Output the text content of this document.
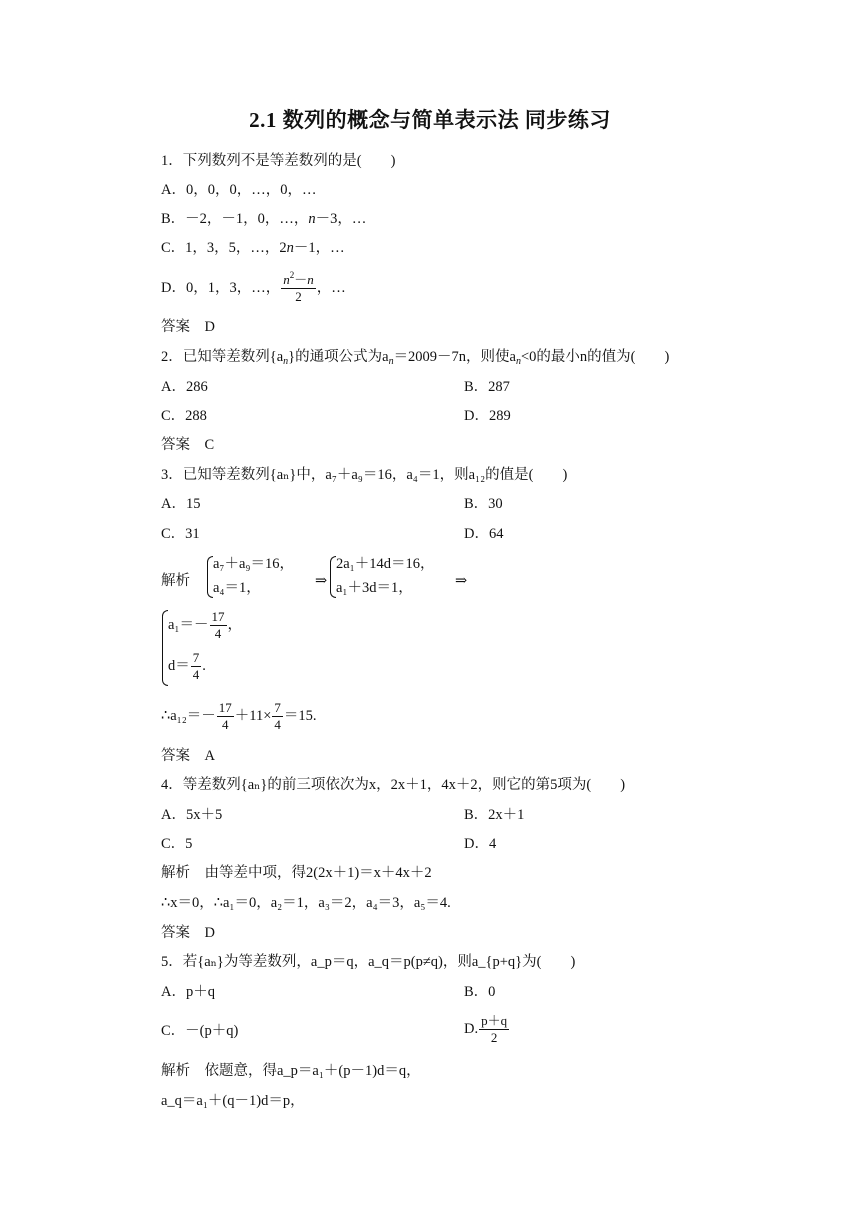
2.1 数列的概念与简单表示法 同步练习
1．下列数列不是等差数列的是(　　)
A．0，0，0，…，0，…
B．－2，－1，0，…，n－3，…
C．1，3，5，…，2n－1，…
D．0，1，3，…， $\frac{n^2-n}{2}$ ，…
答案　D
2．已知等差数列$\{a_n\}$的通项公式为$a_n=2009-7n$，则使$a_n<0$的最小n的值为(　　)
A．286	B．287
C．288	D．289
答案　C
3．已知等差数列{aₙ}中，a₇＋a₉＝16，a₄＝1，则a₁₂的值是(　　)
A．15	B．30
C．31	D．64
解析
a₇＋a₉＝16，
a₄＝1，	⇒
2a₁＋14d＝16，
a₁＋3d＝1，	⇒
$a_1=- \frac{17}{4}$ ，
$d= \frac{7}{4}$ .
∴a₁₂＝－ $\frac{17}{4} +11\times \frac{7}{4} =15$.
答案　A
4．等差数列{aₙ}的前三项依次为x，2x＋1，4x＋2，则它的第5项为(　　)
A．5x＋5	B．2x＋1
C．5	D．4
解析　由等差中项，得2(2x＋1)＝x＋4x＋2
∴x＝0，∴a₁＝0，a₂＝1，a₃＝2，a₄＝3，a₅＝4.
答案　D
5．若{aₙ}为等差数列，a_p＝q，a_q＝p(p≠q)，则a_{p+q}为(　　)
A．p＋q	B．0
C．－(p＋q)	D. $\frac{p+q}{2}$
解析　依题意，得a_p＝a₁＋(p－1)d＝q，
a_q＝a₁＋(q－1)d＝p，
